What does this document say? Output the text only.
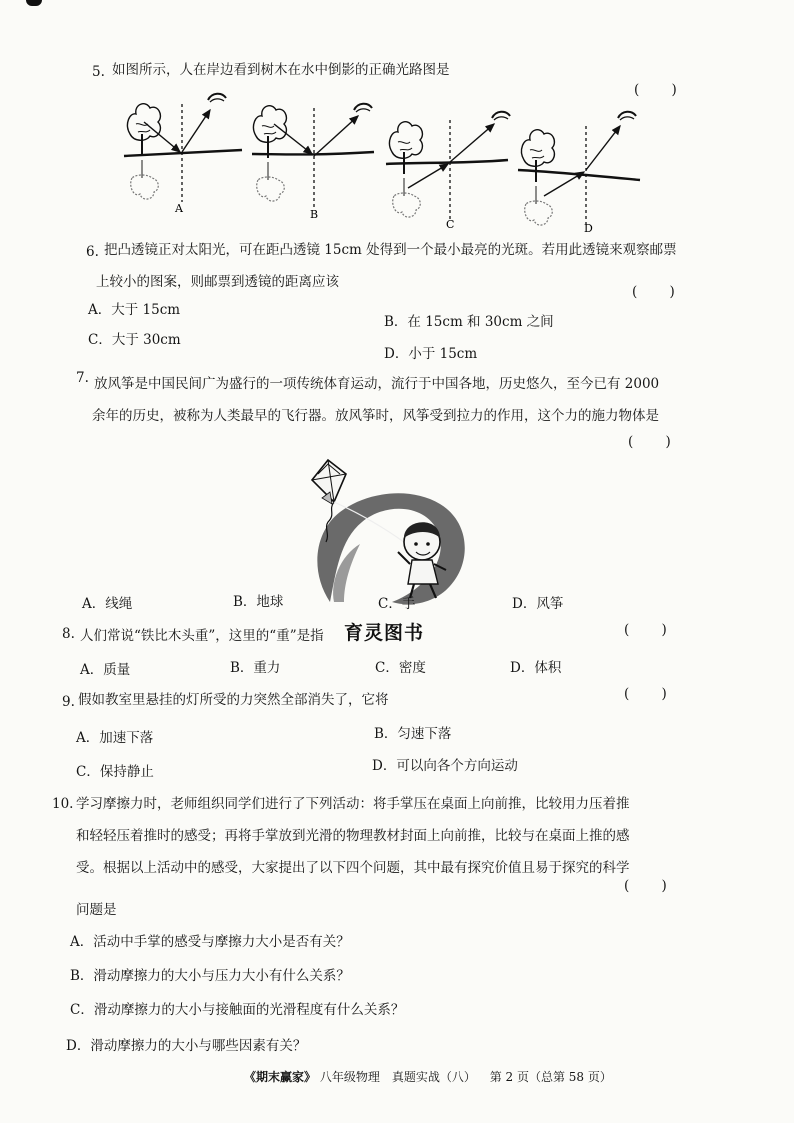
5. 如图所示，人在岸边看到树木在水中倒影的正确光路图是
( )
A	B
C	D
6. 把凸透镜正对太阳光，可在距凸透镜 15cm 处得到一个最小最亮的光斑。若用此透镜来观察邮票
上较小的图案，则邮票到透镜的距离应该
( )
A．大于 15cm
B．在 15cm 和 30cm 之间
C．大于 30cm
D．小于 15cm
7. 放风筝是中国民间广为盛行的一项传统体育运动，流行于中国各地，历史悠久，至今已有 2000
余年的历史，被称为人类最早的飞行器。放风筝时，风筝受到拉力的作用，这个力的施力物体是
( )
A．线绳	B．地球	C．手	D．风筝
8. 人们常说“铁比木头重”，这里的“重”是指 育灵图书	( )
A．质量	B．重力	C．密度	D．体积
9. 假如教室里悬挂的灯所受的力突然全部消失了，它将	( )
A．加速下落	B．匀速下落
C．保持静止	D．可以向各个方向运动
10. 学习摩擦力时，老师组织同学们进行了下列活动：将手掌压在桌面上向前推，比较用力压着推
和轻轻压着推时的感受；再将手掌放到光滑的物理教材封面上向前推，比较与在桌面上推的感
受。根据以上活动中的感受，大家提出了以下四个问题，其中最有探究价值且易于探究的科学
( )
问题是
A．活动中手掌的感受与摩擦力大小是否有关？
B．滑动摩擦力的大小与压力大小有什么关系？
C．滑动摩擦力的大小与接触面的光滑程度有什么关系？
D．滑动摩擦力的大小与哪些因素有关？
《期末赢家》 八年级物理　真题实战（八） 第 2 页（总第 58 页）
